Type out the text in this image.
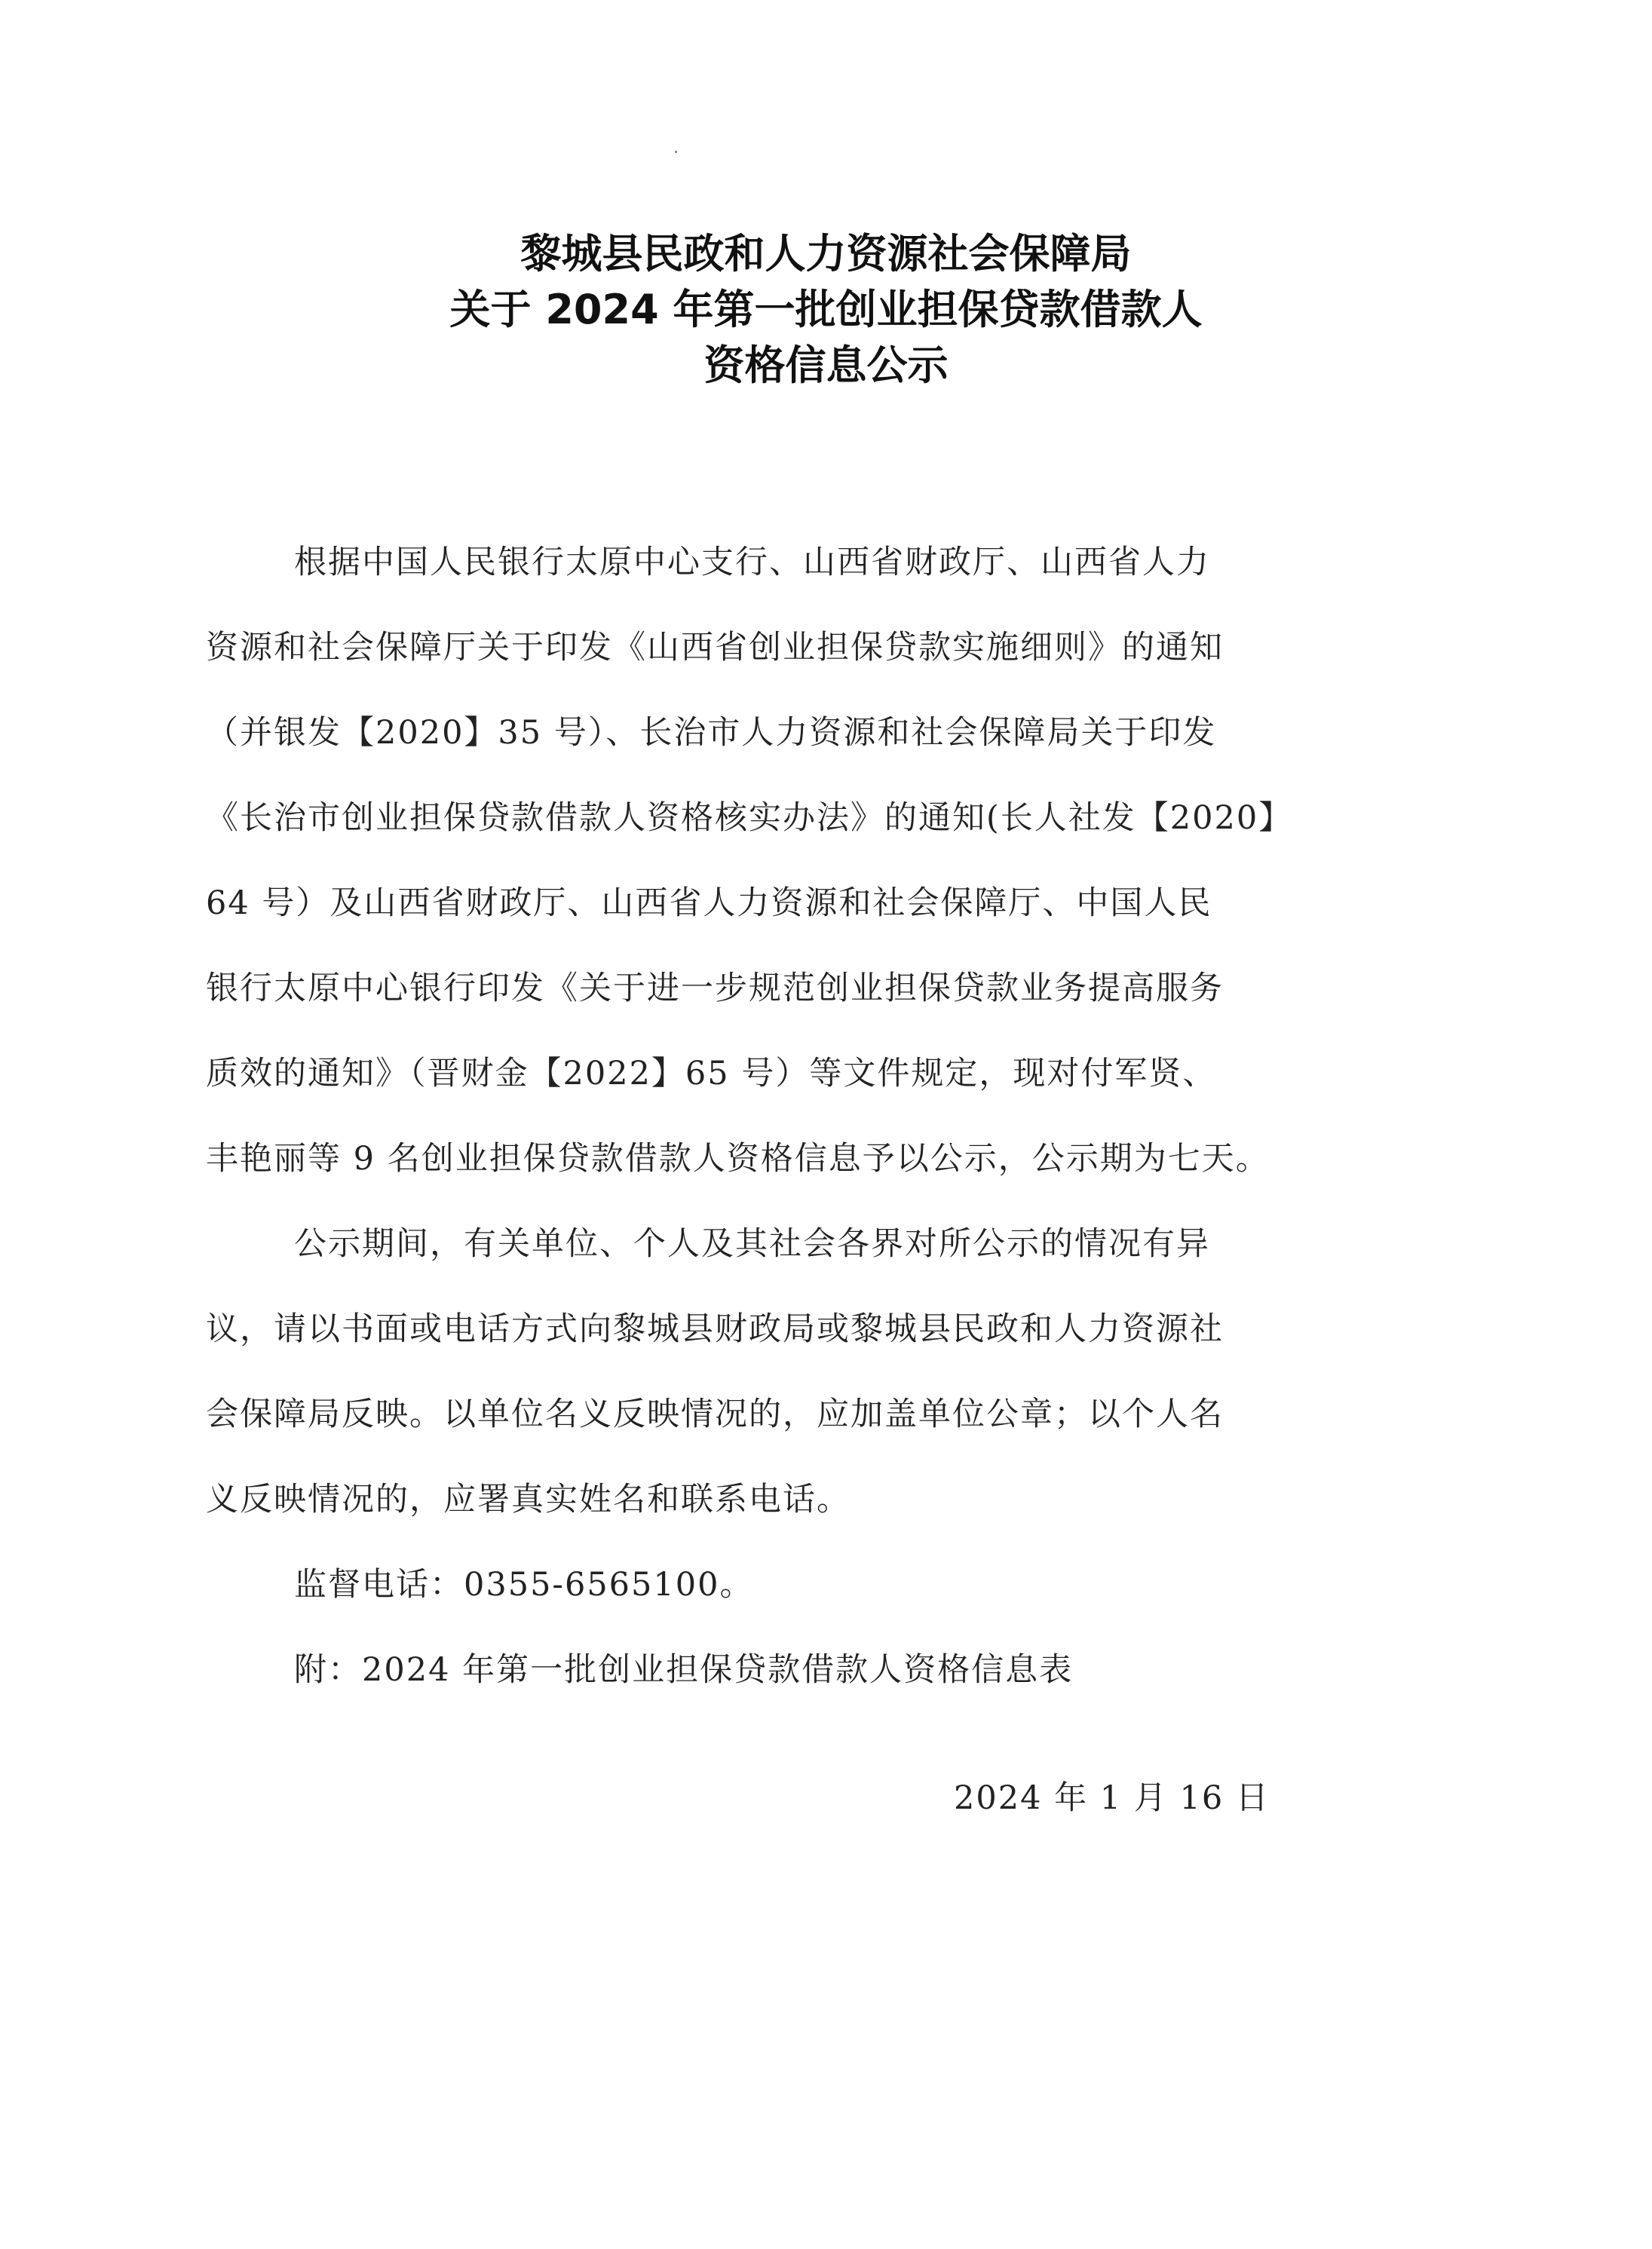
黎城县民政和人力资源社会保障局
关于 2024 年第一批创业担保贷款借款人
资格信息公示
根据中国人民银行太原中心支行、山西省财政厅、山西省人力
资源和社会保障厅关于印发《山西省创业担保贷款实施细则》的通知
（并银发【2020】35 号）、长治市人力资源和社会保障局关于印发
《长治市创业担保贷款借款人资格核实办法》的通知(长人社发【2020】
64 号）及山西省财政厅、山西省人力资源和社会保障厅、中国人民
银行太原中心银行印发《关于进一步规范创业担保贷款业务提高服务
质效的通知》（晋财金【2022】65 号）等文件规定，现对付军贤、
丰艳丽等 9 名创业担保贷款借款人资格信息予以公示，公示期为七天。
公示期间，有关单位、个人及其社会各界对所公示的情况有异
议，请以书面或电话方式向黎城县财政局或黎城县民政和人力资源社
会保障局反映。以单位名义反映情况的，应加盖单位公章；以个人名
义反映情况的，应署真实姓名和联系电话。
监督电话：0355-6565100。
附：2024 年第一批创业担保贷款借款人资格信息表
2024 年 1 月 16 日
